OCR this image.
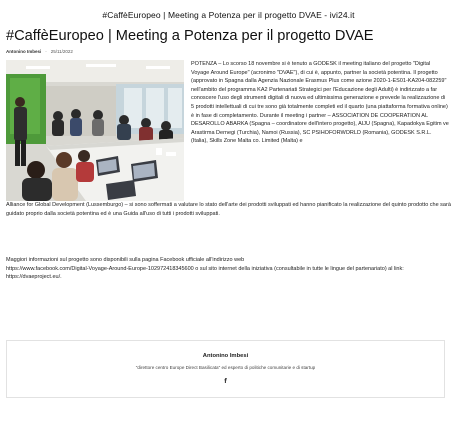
#CaffèEuropeo | Meeting a Potenza per il progetto DVAE - ivi24.it
#CaffèEuropeo | Meeting a Potenza per il progetto DVAE
Antonino Imbesi - 25/11/2022
POTENZA – Lo scorso 18 novembre si è tenuto a GODESK il meeting italiano del progetto "Digital Voyage Around Europe" (acronimo "DVAE"), di cui è, appunto, partner la società potentina. Il progetto (approvato in Spagna dalla Agenzia Nazionale Erasmus Plus come azione 2020-1-ES01-KA204-082259" nell'ambito del programma KA2 Partenariati Strategici per l'Educazione degli Adulti) è indirizzato a far conoscere l'uso degli strumenti digitali di nuova ed ultimissima generazione e prevede la realizzazione di 5 prodotti intellettuali di cui tre sono già totalmente completi ed il quarto (una piattaforma formativa online) è in fase di completamento. Durante il meeting i partner – ASSOCIATION DE COOPERATION AL DESAROLLO ABARKA (Spagna – coordinatore dell'intero progetto), AIJU (Spagna), Kapadokya Egitim ve Arastirma Dernegi (Turchia), Namoi (Russia), SC PSIHOFORWORLD (Romania), GODESK S.R.L. (Italia), Skills Zone Malta co. Limited (Malta) e
Alliance for Global Development (Lussemburgo) – si sono soffermati a valutare lo stato dell'arte dei prodotti sviluppati ed hanno pianificato la realizzazione del quinto prodotto che sarà guidato proprio dalla società potentina ed è una Guida all'uso di tutti i prodotti sviluppati.
Maggiori informazioni sul progetto sono disponibili sulla pagina Facebook ufficiale all'indirizzo web
https://www.facebook.com/Digital-Voyage-Around-Europe-102972418345600 o sul sito internet della iniziativa (consultabile in tutte le lingue del partenariato) al link: https://dvaeproject.eu/.
Antonino Imbesi
"direttore centro Europe Direct Basilicata" ed esperto di politiche comunitarie e di startup
f
